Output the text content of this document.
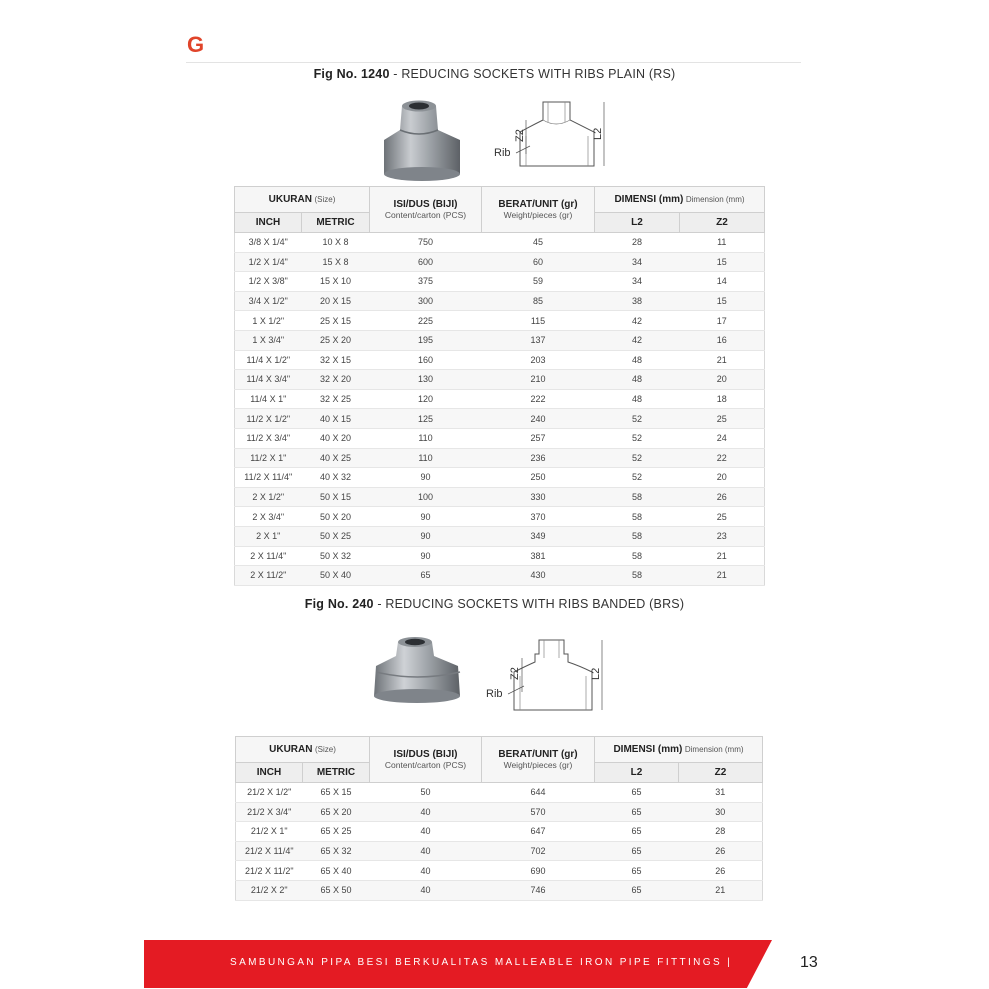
G
Fig No. 1240 - REDUCING SOCKETS WITH RIBS PLAIN (RS)
L2
Z2
Rib
UKURAN (Size)		ISI/DUS (BIJI)
Content/carton (PCS)	BERAT/UNIT (gr)
Weight/pieces (gr)	DIMENSI (mm) Dimension (mm)	
INCH	METRIC			L2	Z2
3/8 X 1/4"	10 X 8	750	45	28	11
1/2 X 1/4"	15 X 8	600	60	34	15
1/2 X 3/8"	15 X 10	375	59	34	14
3/4 X 1/2"	20 X 15	300	85	38	15
1 X 1/2"	25 X 15	225	115	42	17
1 X 3/4"	25 X 20	195	137	42	16
11/4 X 1/2"	32 X 15	160	203	48	21
11/4 X 3/4"	32 X 20	130	210	48	20
11/4 X 1"	32 X 25	120	222	48	18
11/2 X 1/2"	40 X 15	125	240	52	25
11/2 X 3/4"	40 X 20	110	257	52	24
11/2 X 1"	40 X 25	110	236	52	22
11/2 X 11/4"	40 X 32	90	250	52	20
2 X 1/2"	50 X 15	100	330	58	26
2 X 3/4"	50 X 20	90	370	58	25
2 X 1"	50 X 25	90	349	58	23
2 X 11/4"	50 X 32	90	381	58	21
2 X 11/2"	50 X 40	65	430	58	21
Fig No. 240 - REDUCING SOCKETS WITH RIBS BANDED (BRS)
L2
Z2
Rib
UKURAN (Size)		ISI/DUS (BIJI)
Content/carton (PCS)	BERAT/UNIT (gr)
Weight/pieces (gr)	DIMENSI (mm) Dimension (mm)	
INCH	METRIC			L2	Z2
21/2 X 1/2"	65 X 15	50	644	65	31
21/2 X 3/4"	65 X 20	40	570	65	30
21/2 X 1"	65 X 25	40	647	65	28
21/2 X 11/4"	65 X 32	40	702	65	26
21/2 X 11/2"	65 X 40	40	690	65	26
21/2 X 2"	65 X 50	40	746	65	21
SAMBUNGAN PIPA BESI BERKUALITAS MALLEABLE IRON PIPE FITTINGS |	13
